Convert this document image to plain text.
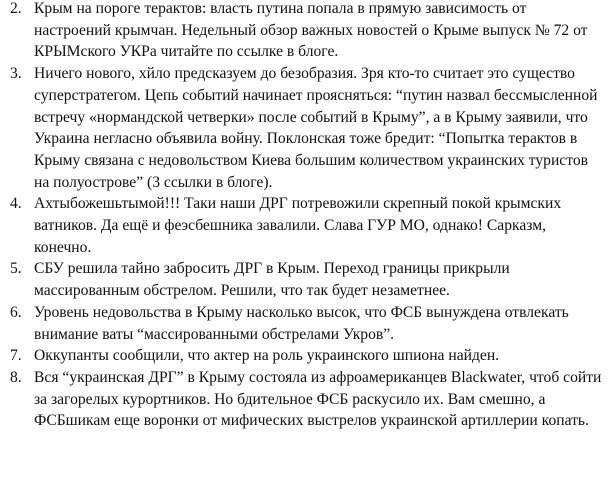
2. Крым на пороге терактов: власть путина попала в прямую зависимость от настроений крымчан. Недельный обзор важных новостей о Крыме выпуск № 72 от КРЫМского УКРа читайте по ссылке в блоге.
3. Ничего нового, хйло предсказуем до безобразия. Зря кто-то считает это существо суперстратегом. Цепь событий начинает проясняться: “путин назвал бессмысленной встречу «нормандской четверки» после событий в Крыму”, а в Крыму заявили, что Украина негласно объявила войну. Поклонская тоже бредит: “Попытка терактов в Крыму связана с недовольством Киева большим количеством украинских туристов на полуострове” (3 ссылки в блоге).
4. Ахтыбожешьтымой!!! Таки наши ДРГ потревожили скрепный покой крымских ватников. Да ещё и феэсбешника завалили. Слава ГУР МО, однако! Сарказм, конечно.
5. СБУ решила тайно забросить ДРГ в Крым. Переход границы прикрыли массированным обстрелом. Решили, что так будет незаметнее.
6. Уровень недовольства в Крыму насколько высок, что ФСБ вынуждена отвлекать внимание ваты “массированными обстрелами Укров”.
7. Оккупанты сообщили, что актер на роль украинского шпиона найден.
8. Вся “украинская ДРГ” в Крыму состояла из афроамериканцев Blackwater, чтоб сойти за загорелых курортников. Но бдительное ФСБ раскусило их. Вам смешно, а ФСБшикам еще воронки от мифических выстрелов украинской артиллерии копать.
